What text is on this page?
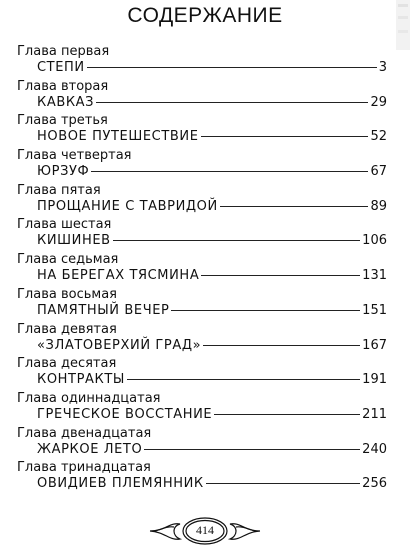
СОДЕРЖАНИЕ
Глава первая
СТЕПИ	3
Глава вторая
КАВКАЗ	29
Глава третья
НОВОЕ ПУТЕШЕСТВИЕ	52
Глава четвертая
ЮРЗУФ	67
Глава пятая
ПРОЩАНИЕ С ТАВРИДОЙ	89
Глава шестая
КИШИНЕВ	106
Глава седьмая
НА БЕРЕГАХ ТЯСМИНА	131
Глава восьмая
ПАМЯТНЫЙ ВЕЧЕР	151
Глава девятая
«ЗЛАТОВЕРХИЙ ГРАД»	167
Глава десятая
КОНТРАКТЫ	191
Глава одиннадцатая
ГРЕЧЕСКОЕ ВОССТАНИЕ	211
Глава двенадцатая
ЖАРКОЕ ЛЕТО	240
Глава тринадцатая
ОВИДИЕВ ПЛЕМЯННИК	256
414
